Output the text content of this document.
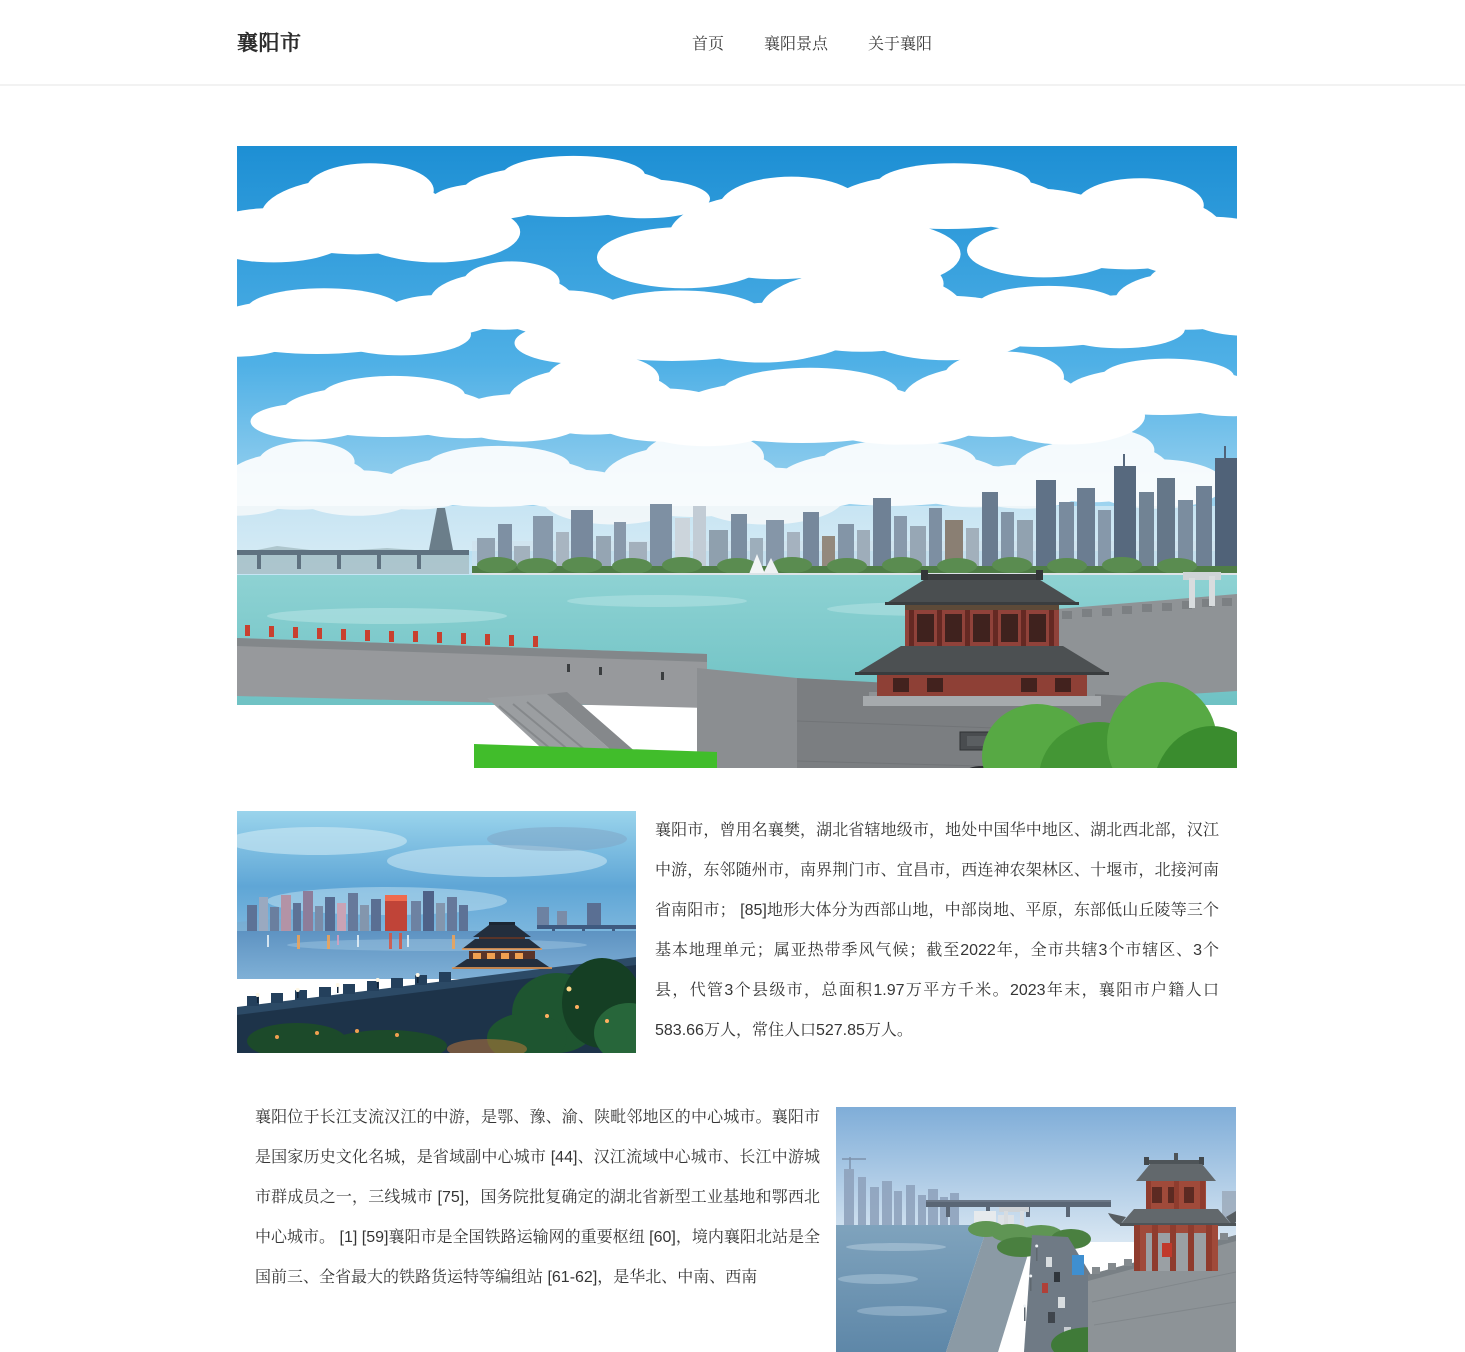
襄阳市	首页	襄阳景点	关于襄阳

襄阳市，曾用名襄樊，湖北省辖地级市，地处中国华中地区、湖北西北部，汉江中游，东邻随州市，南界荆门市、宜昌市，西连神农架林区、十堰市，北接河南省南阳市； [85]地形大体分为西部山地，中部岗地、平原，东部低山丘陵等三个基本地理单元；属亚热带季风气候；截至2022年，全市共辖3个市辖区、3个县，代管3个县级市，总面积1.97万平方千米。2023年末，襄阳市户籍人口583.66万人，常住人口527.85万人。

襄阳位于长江支流汉江的中游，是鄂、豫、渝、陕毗邻地区的中心城市。襄阳市是国家历史文化名城，是省域副中心城市 [44]、汉江流域中心城市、长江中游城市群成员之一，三线城市 [75]，国务院批复确定的湖北省新型工业基地和鄂西北中心城市。 [1] [59]襄阳市是全国铁路运输网的重要枢纽 [60]，境内襄阳北站是全国前三、全省最大的铁路货运特等编组站 [61-62]，是华北、中南、西南
